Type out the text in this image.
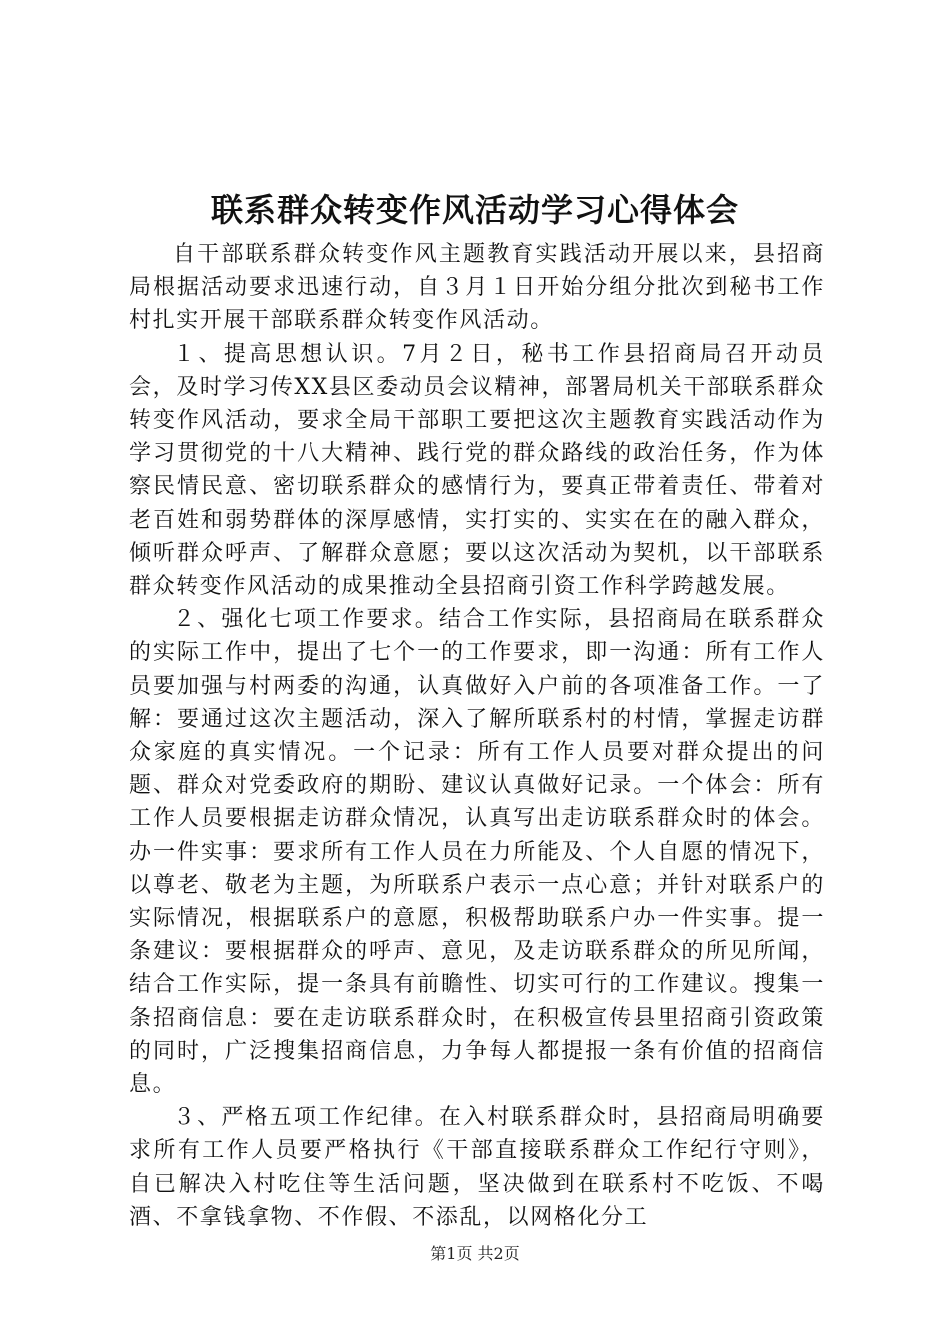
联系群众转变作风活动学习心得体会

自干部联系群众转变作风主题教育实践活动开展以来，县招商局根据活动要求迅速行动，自３月１日开始分组分批次到秘书工作村扎实开展干部联系群众转变作风活动。

１、提高思想认识。7月２日，秘书工作县招商局召开动员会，及时学习传XX县区委动员会议精神，部署局机关干部联系群众转变作风活动，要求全局干部职工要把这次主题教育实践活动作为学习贯彻党的十八大精神、践行党的群众路线的政治任务，作为体察民情民意、密切联系群众的感情行为，要真正带着责任、带着对老百姓和弱势群体的深厚感情，实打实的、实实在在的融入群众，倾听群众呼声、了解群众意愿；要以这次活动为契机，以干部联系群众转变作风活动的成果推动全县招商引资工作科学跨越发展。

２、强化七项工作要求。结合工作实际，县招商局在联系群众的实际工作中，提出了七个一的工作要求，即一沟通：所有工作人员要加强与村两委的沟通，认真做好入户前的各项准备工作。一了解：要通过这次主题活动，深入了解所联系村的村情，掌握走访群众家庭的真实情况。一个记录：所有工作人员要对群众提出的问题、群众对党委政府的期盼、建议认真做好记录。一个体会：所有工作人员要根据走访群众情况，认真写出走访联系群众时的体会。办一件实事：要求所有工作人员在力所能及、个人自愿的情况下，以尊老、敬老为主题，为所联系户表示一点心意；并针对联系户的实际情况，根据联系户的意愿，积极帮助联系户办一件实事。提一条建议：要根据群众的呼声、意见，及走访联系群众的所见所闻，结合工作实际，提一条具有前瞻性、切实可行的工作建议。搜集一条招商信息：要在走访联系群众时，在积极宣传县里招商引资政策的同时，广泛搜集招商信息，力争每人都提报一条有价值的招商信息。

３、严格五项工作纪律。在入村联系群众时，县招商局明确要求所有工作人员要严格执行《干部直接联系群众工作纪行守则》，自已解决入村吃住等生活问题，坚决做到在联系村不吃饭、不喝酒、不拿钱拿物、不作假、不添乱，以网格化分工

第1页 共2页
